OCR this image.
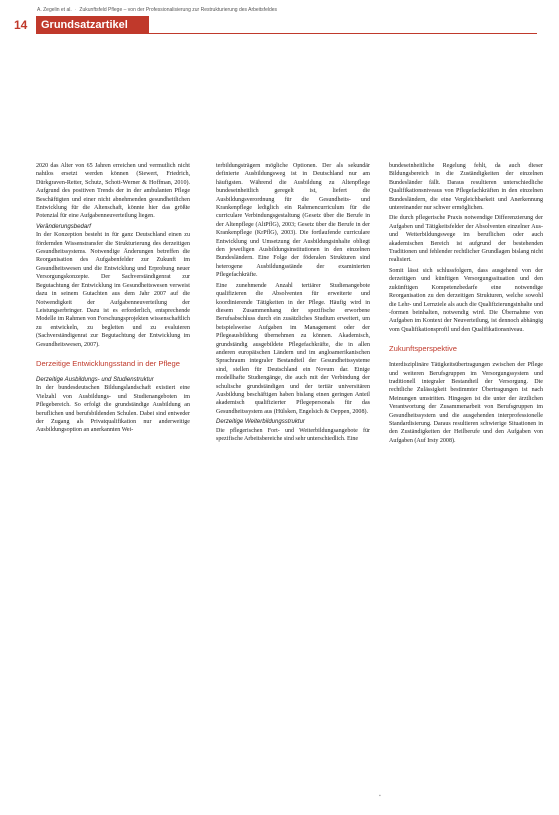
A. Zegelin et al. · Zukunftsfeld Pflege – von der Professionalisierung zur Restrukturierung des Arbeitsfeldes
14	Grundsatzartikel
2020 das Alter von 65 Jahren erreichen und vermutlich nicht nahtlos ersetzt werden können (Siewert, Friedrich, Dürkgraven-Retter, Schutz, Schott-Werner & Hoffman, 2010). Aufgrund des positiven Trends der in der ambulanten Pflege Beschäftigten und einer nicht abnehmenden gesundheitlichen Entwicklung für die Altenschaft, könnte hier das größte Potenzial für eine Aufgabenneuverteilung liegen.
Veränderungsbedarf
In der Konzeption besteht in für ganz Deutschland einen zu fördernden Wissenstransfer die Strukturierung des derzeitigen Gesundheitssystems. Notwendige Änderungen betreffen die Reorganisation des Aufgabenfelder zur Zukunft im Gesundheitswesen und die Entwicklung und Erprobung neuer Versorgungskonzepte. Der Sachverständigenrat zur Begutachtung der Entwicklung im Gesundheitswesen verweist dazu in seinem Gutachten aus dem Jahr 2007 auf die Notwendigkeit der Aufgabenneuverteilung der Leistungserbringer. Dazu ist es erforderlich, entsprechende Modelle im Rahmen von Forschungsprojekten wissenschaftlich zu entwickeln, zu begleiten und zu evaluieren (Sachverständigenrat zur Begutachtung der Entwicklung im Gesundheitswesen, 2007).
Derzeitige Entwicklungsstand in der Pflege
Derzeitige Ausbildungs- und Studienstruktur
In der bundesdeutschen Bildungslandschaft existiert eine Vielzahl von Ausbildungs- und Studienangeboten im Pflegebereich. So erfolgt die grundständige Ausbildung an beruflichen und berufsbildenden Schulen. Dabei sind entweder der Zugang als Privatqualifikation nur anderweitige Ausbildungsoption an anerkannten Wei-
terbildungsträgern mögliche Optionen. Der als sekundär definierte Ausbildungsweg ist in Deutschland nur am häufigsten. Während die Ausbildung zu Altenpflege bundeseinheitlich geregelt ist, liefert die Ausbildungsverordnung für die Gesundheits- und Krankenpflege lediglich ein Rahmencurriculum für die curriculare Verbindungsgestaltung (Gesetz über die Berufe in der Altenpflege (AltPflG), 2003; Gesetz über die Berufe in der Krankenpflege (KrPflG), 2003). Die fortlaufende curriculare Entwicklung und Umsetzung der Ausbildungsinhalte obliegt den jeweiligen Ausbildungsinstitutionen in den einzelnen Bundesländern. Eine Folge der föderalen Strukturen sind heterogene Ausbildungsstände der examinierten Pflegefachkräfte.
Eine zunehmende Anzahl tertiärer Studienangebote qualifizieren die Absolventen für erweiterte und koordinierende Tätigkeiten in der Pflege. Häufig wird in diesem Zusammenhang der spezifische erworbene Berufsabschluss durch ein zusätzliches Studium erweitert, um beispielsweise Aufgaben im Management oder der Pflegeausbildung übernehmen zu können. Akademisch, grundständig ausgebildete Pflegefachkräfte, die in allen anderen europäischen Ländern und im angloamerikanischen Sprachraum integraler Bestandteil der Gesundheitssysteme sind, stellen für Deutschland ein Novum dar. Einige modellhafte Studiengänge, die auch mit der Verbindung der schulische grundständigen und der tertiär universitären Ausbildung beschäftigen haben bislang einen geringen Anteil akademisch qualifizierter Pflegepersonals für das Gesundheitssystem aus (Hülsken, Engelsich & Oeppen, 2008).
Derzeitige Weiterbildungsstruktur
Die pflegerischen Fort- und Weiterbildungsangebote für spezifische Arbeitsbereiche sind sehr unterschiedlich. Eine
bundeseinheitliche Regelung fehlt, da auch dieser Bildungsbereich in die Zuständigkeiten der einzelnen Bundesländer fällt. Daraus resultieren unterschiedliche Qualifikationsniveaus von Pflegefachkräften in den einzelnen Bundesländern, die eine Vergleichbarkeit und Anerkennung untereinander nur schwer ermöglichen.
Die durch pflegerische Praxis notwendige Differenzierung der Aufgaben und Tätigkeitsfelder der Absolventen einzelner Aus- und Weiterbildungswege im beruflichen oder auch akademischen Bereich ist aufgrund der bestehenden Traditionen und fehlender rechtlicher Grundlagen bislang nicht realisiert.
Somit lässt sich schlussfolgern, dass ausgehend von der derzeitigen und künftigen Versorgungssituation und den zukünftigen Kompetenzbedarfe eine notwendige Reorganisation zu den derzeitigen Strukturen, welche sowohl die Lehr- und Lernziele als auch die Qualifizierungsinhalte und -formen beinhalten, notwendig wird. Die Übernahme von Aufgaben im Kontext der Neuverteilung, ist dennoch abhängig vom Qualifikationsprofil und den Qualifikationsniveau.
Zukunftsperspektive
Interdisziplinäre Tätigkeitsübertragungen zwischen der Pflege und weiteren Berufsgruppen im Versorgungssystem und traditionell integraler Bestandteil der Versorgung. Die rechtliche Zulässigkeit bestimmter Übertragungen ist nach Meinungen umstritten. Hingegen ist die unter der ärztlichen Verantwortung der Zusammenarbeit von Berufsgruppen im Gesundheitssystem und die ausgehenden interprofessionelle Standardisierung. Daraus resultieren schwierige Situationen in den Zuständigkeiten der Heilberufe und den Aufgaben von Aufgaben (Auf Irsty 2008).
▪
